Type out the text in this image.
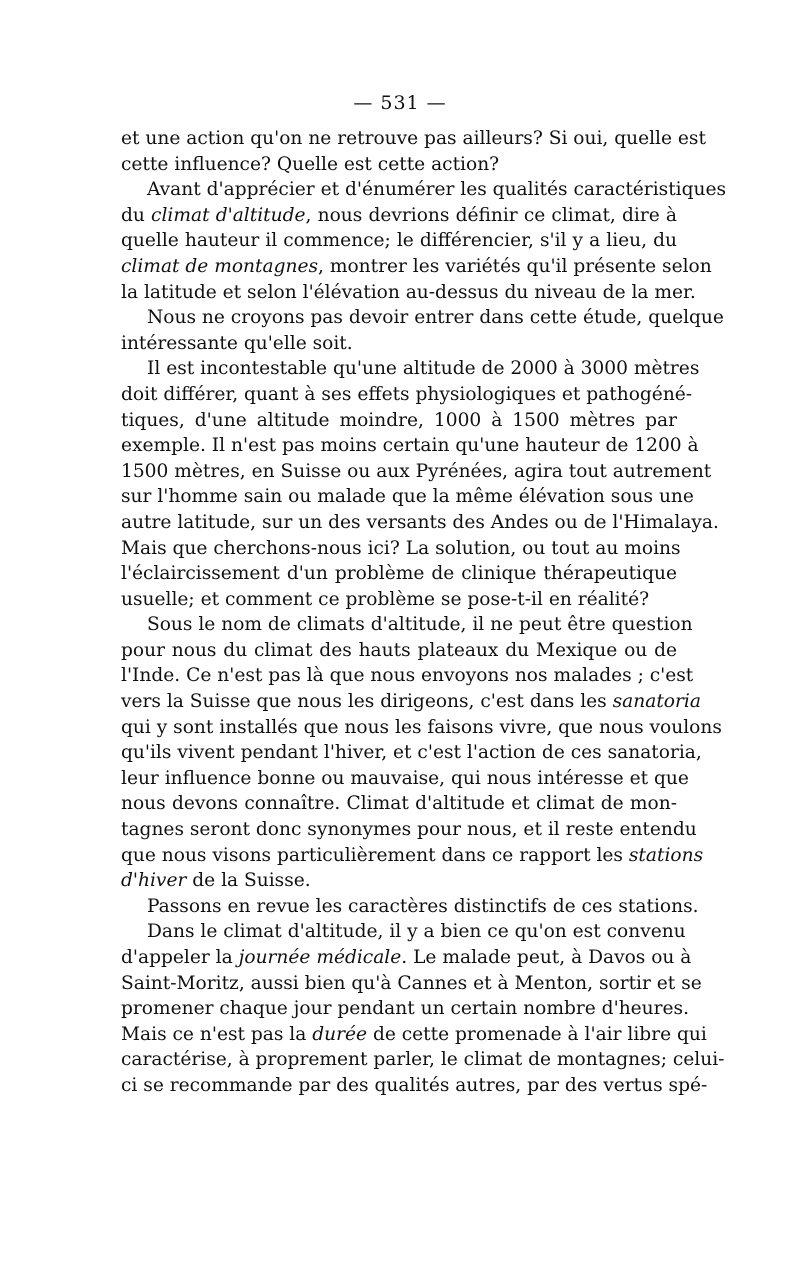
— 531 —
et une action qu'on ne retrouve pas ailleurs? Si oui, quelle est
cette influence? Quelle est cette action?
Avant d'apprécier et d'énumérer les qualités caractéristiques
du climat d'altitude, nous devrions définir ce climat, dire à
quelle hauteur il commence; le différencier, s'il y a lieu, du
climat de montagnes, montrer les variétés qu'il présente selon
la latitude et selon l'élévation au-dessus du niveau de la mer.
Nous ne croyons pas devoir entrer dans cette étude, quelque
intéressante qu'elle soit.
Il est incontestable qu'une altitude de 2000 à 3000 mètres
doit différer, quant à ses effets physiologiques et pathogéné-
tiques, d'une altitude moindre, 1000 à 1500 mètres par
exemple. Il n'est pas moins certain qu'une hauteur de 1200 à
1500 mètres, en Suisse ou aux Pyrénées, agira tout autrement
sur l'homme sain ou malade que la même élévation sous une
autre latitude, sur un des versants des Andes ou de l'Himalaya.
Mais que cherchons-nous ici? La solution, ou tout au moins
l'éclaircissement d'un problème de clinique thérapeutique
usuelle; et comment ce problème se pose-t-il en réalité?
Sous le nom de climats d'altitude, il ne peut être question
pour nous du climat des hauts plateaux du Mexique ou de
l'Inde. Ce n'est pas là que nous envoyons nos malades ; c'est
vers la Suisse que nous les dirigeons, c'est dans les sanatoria
qui y sont installés que nous les faisons vivre, que nous voulons
qu'ils vivent pendant l'hiver, et c'est l'action de ces sanatoria,
leur influence bonne ou mauvaise, qui nous intéresse et que
nous devons connaître. Climat d'altitude et climat de mon-
tagnes seront donc synonymes pour nous, et il reste entendu
que nous visons particulièrement dans ce rapport les stations
d'hiver de la Suisse.
Passons en revue les caractères distinctifs de ces stations.
Dans le climat d'altitude, il y a bien ce qu'on est convenu
d'appeler la journée médicale. Le malade peut, à Davos ou à
Saint-Moritz, aussi bien qu'à Cannes et à Menton, sortir et se
promener chaque jour pendant un certain nombre d'heures.
Mais ce n'est pas la durée de cette promenade à l'air libre qui
caractérise, à proprement parler, le climat de montagnes; celui-
ci se recommande par des qualités autres, par des vertus spé-
